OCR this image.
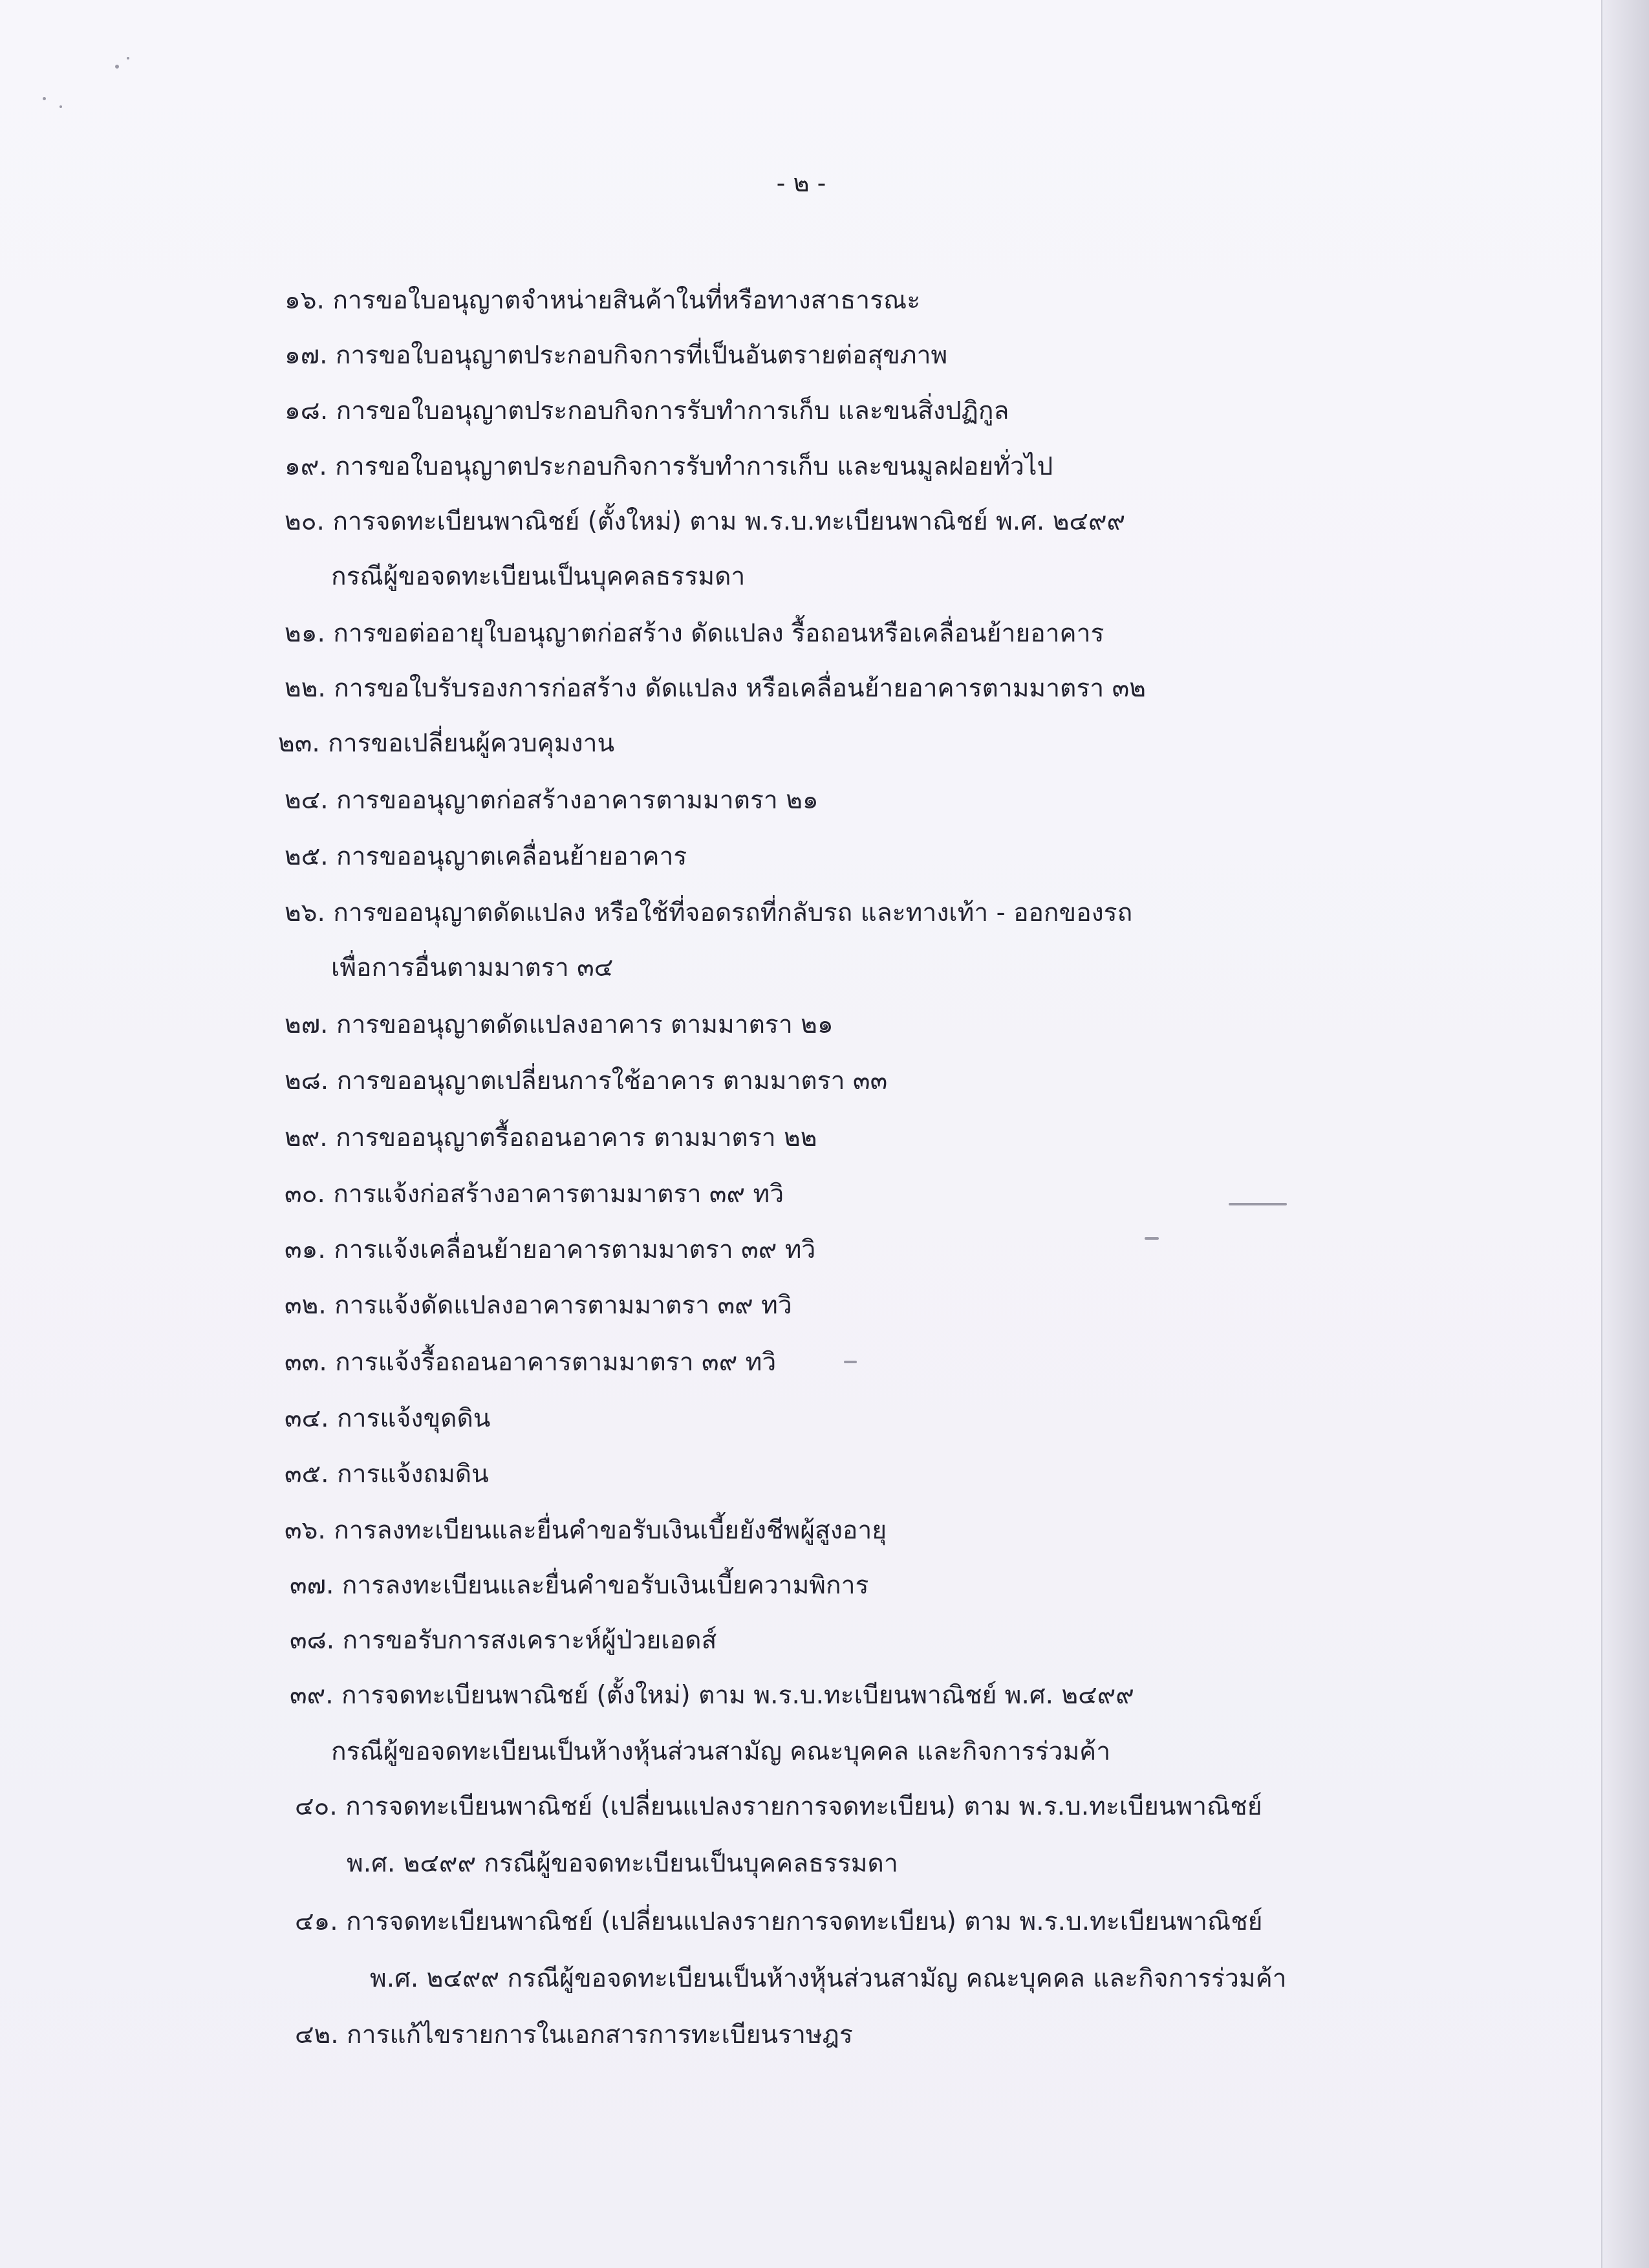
- ๒ -
๑๖. การขอใบอนุญาตจำหน่ายสินค้าในที่หรือทางสาธารณะ
๑๗. การขอใบอนุญาตประกอบกิจการที่เป็นอันตรายต่อสุขภาพ
๑๘. การขอใบอนุญาตประกอบกิจการรับทำการเก็บ และขนสิ่งปฏิกูล
๑๙. การขอใบอนุญาตประกอบกิจการรับทำการเก็บ และขนมูลฝอยทั่วไป
๒๐. การจดทะเบียนพาณิชย์ (ตั้งใหม่) ตาม พ.ร.บ.ทะเบียนพาณิชย์ พ.ศ. ๒๔๙๙
กรณีผู้ขอจดทะเบียนเป็นบุคคลธรรมดา
๒๑. การขอต่ออายุใบอนุญาตก่อสร้าง ดัดแปลง รื้อถอนหรือเคลื่อนย้ายอาคาร
๒๒. การขอใบรับรองการก่อสร้าง ดัดแปลง หรือเคลื่อนย้ายอาคารตามมาตรา ๓๒
๒๓. การขอเปลี่ยนผู้ควบคุมงาน
๒๔. การขออนุญาตก่อสร้างอาคารตามมาตรา ๒๑
๒๕. การขออนุญาตเคลื่อนย้ายอาคาร
๒๖. การขออนุญาตดัดแปลง หรือใช้ที่จอดรถที่กลับรถ และทางเท้า - ออกของรถ
เพื่อการอื่นตามมาตรา ๓๔
๒๗. การขออนุญาตดัดแปลงอาคาร ตามมาตรา ๒๑
๒๘. การขออนุญาตเปลี่ยนการใช้อาคาร ตามมาตรา ๓๓
๒๙. การขออนุญาตรื้อถอนอาคาร ตามมาตรา ๒๒
๓๐. การแจ้งก่อสร้างอาคารตามมาตรา ๓๙ ทวิ
๓๑. การแจ้งเคลื่อนย้ายอาคารตามมาตรา ๓๙ ทวิ
๓๒. การแจ้งดัดแปลงอาคารตามมาตรา ๓๙ ทวิ
๓๓. การแจ้งรื้อถอนอาคารตามมาตรา ๓๙ ทวิ
๓๔. การแจ้งขุดดิน
๓๕. การแจ้งถมดิน
๓๖. การลงทะเบียนและยื่นคำขอรับเงินเบี้ยยังชีพผู้สูงอายุ
๓๗. การลงทะเบียนและยื่นคำขอรับเงินเบี้ยความพิการ
๓๘. การขอรับการสงเคราะห์ผู้ป่วยเอดส์
๓๙. การจดทะเบียนพาณิชย์ (ตั้งใหม่) ตาม พ.ร.บ.ทะเบียนพาณิชย์ พ.ศ. ๒๔๙๙
กรณีผู้ขอจดทะเบียนเป็นห้างหุ้นส่วนสามัญ คณะบุคคล และกิจการร่วมค้า
๔๐. การจดทะเบียนพาณิชย์ (เปลี่ยนแปลงรายการจดทะเบียน) ตาม พ.ร.บ.ทะเบียนพาณิชย์
พ.ศ. ๒๔๙๙ กรณีผู้ขอจดทะเบียนเป็นบุคคลธรรมดา
๔๑. การจดทะเบียนพาณิชย์ (เปลี่ยนแปลงรายการจดทะเบียน) ตาม พ.ร.บ.ทะเบียนพาณิชย์
พ.ศ. ๒๔๙๙ กรณีผู้ขอจดทะเบียนเป็นห้างหุ้นส่วนสามัญ คณะบุคคล และกิจการร่วมค้า
๔๒. การแก้ไขรายการในเอกสารการทะเบียนราษฎร
